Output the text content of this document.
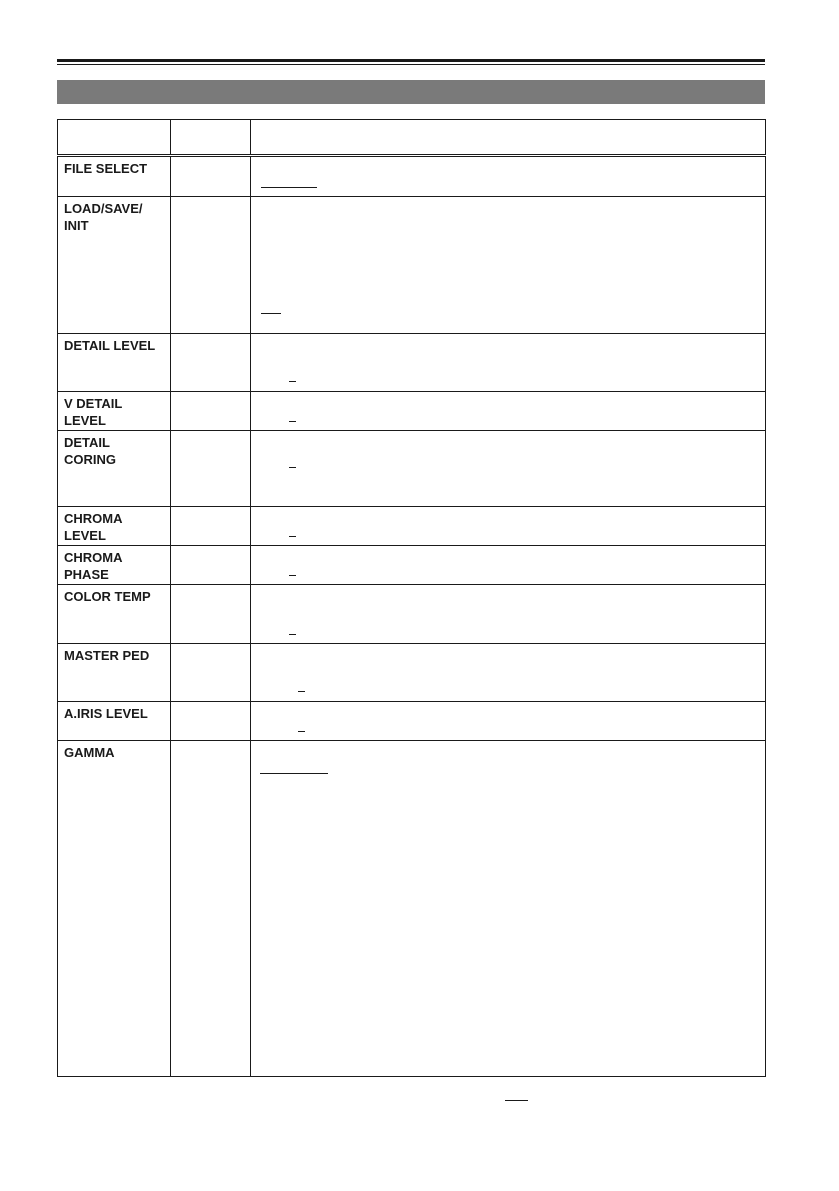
FILE SELECT		

LOAD/SAVE/
INIT		

DETAIL LEVEL		

V DETAIL
LEVEL		

DETAIL
CORING		

CHROMA
LEVEL		

CHROMA
PHASE		

COLOR TEMP		

MASTER PED		

A.IRIS LEVEL		

GAMMA		
